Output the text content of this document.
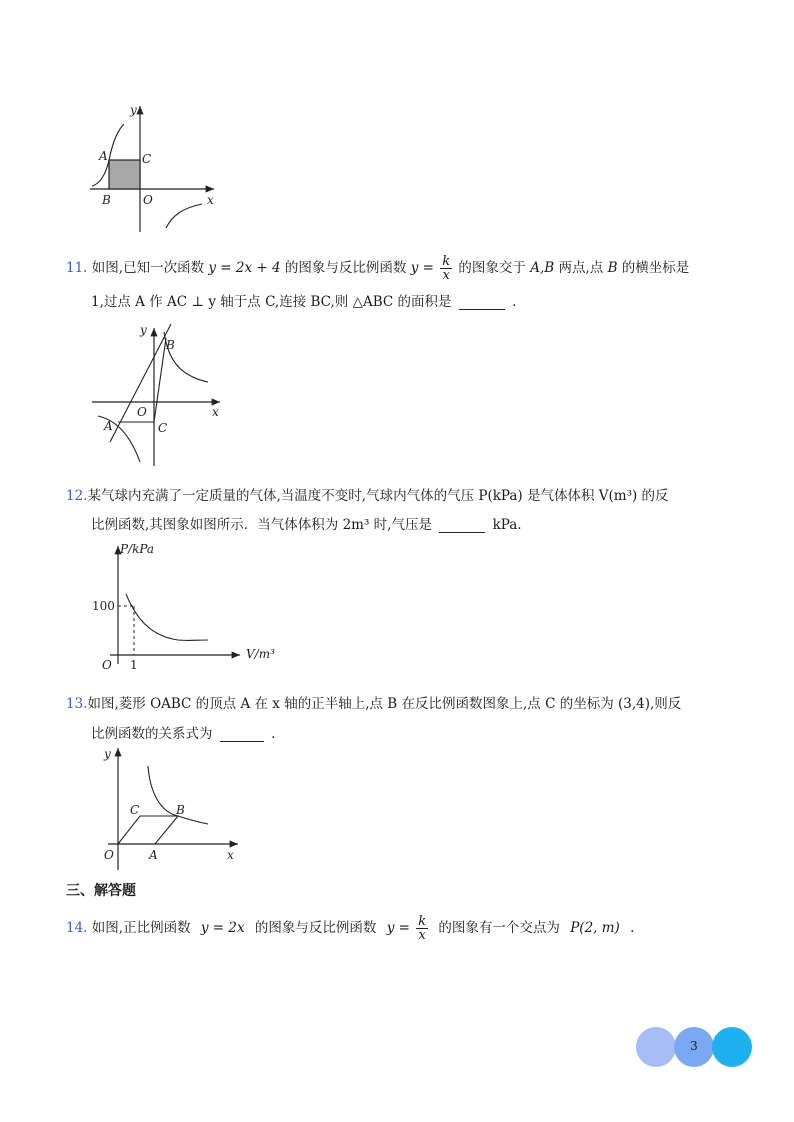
y
x
A	C
B	O
11. 如图,已知一次函数 y = 2x + 4 的图象与反比例函数 $y = \frac{k}{x}$ 的图象交于 A,B 两点,点 B 的横坐标是
1,过点 A 作 AC ⊥ y 轴于点 C,连接 BC,则 △ABC 的面积是	.
y
x
B
O
A	C
12.某气球内充满了一定质量的气体,当温度不变时,气球内气体的气压 P(kPa) 是气体体积 V(m³) 的反
比例函数,其图象如图所示．当气体体积为 2m³ 时,气压是	kPa.
P/kPa
V/m³
100
1
O
13.如图,菱形 OABC 的顶点 A 在 x 轴的正半轴上,点 B 在反比例函数图象上,点 C 的坐标为 (3,4),则反
比例函数的关系式为	.
y
x
C	B
O	A
三、解答题
14. 如图,正比例函数 y = 2x 的图象与反比例函数 $y = \frac{k}{x}$ 的图象有一个交点为 P(2, m) .
3
